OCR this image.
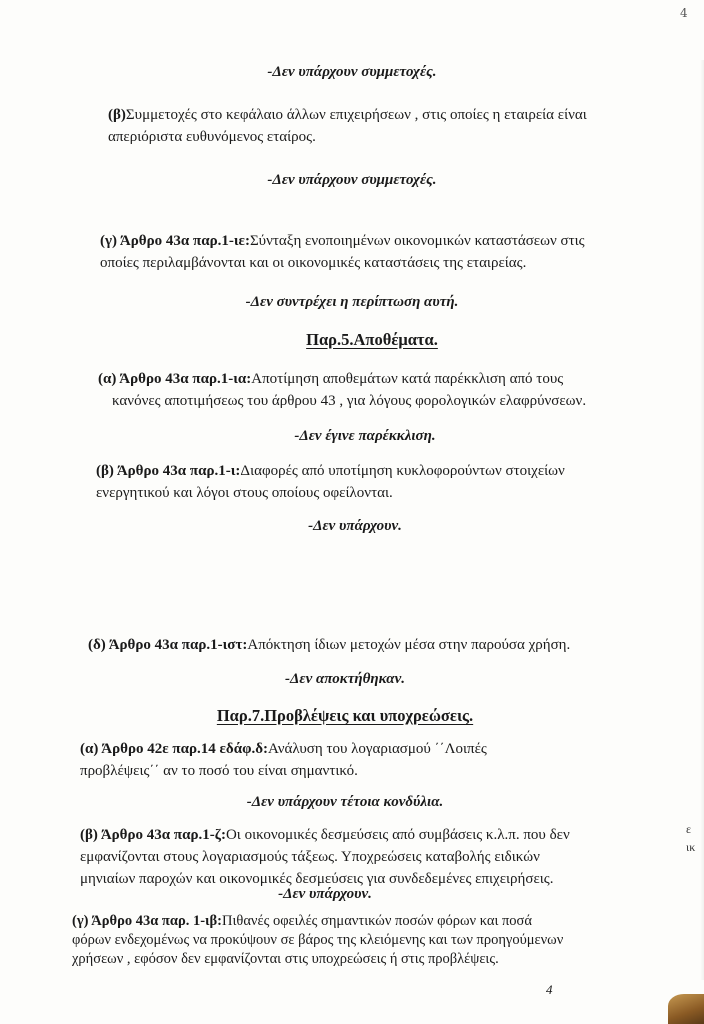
4
-Δεν υπάρχουν συμμετοχές.
(β)Συμμετοχές στο κεφάλαιο άλλων επιχειρήσεων , στις οποίες η εταιρεία είναι
απεριόριστα ευθυνόμενος εταίρος.
-Δεν υπάρχουν συμμετοχές.
(γ) Άρθρο 43α παρ.1-ιε:Σύνταξη ενοποιημένων οικονομικών καταστάσεων στις
οποίες περιλαμβάνονται και οι οικονομικές καταστάσεις της εταιρείας.
-Δεν συντρέχει η περίπτωση αυτή.
Παρ.5.Αποθέματα.
(α) Άρθρο 43α παρ.1-ια:Αποτίμηση αποθεμάτων κατά παρέκκλιση από τους
κανόνες αποτιμήσεως του άρθρου 43 , για λόγους φορολογικών ελαφρύνσεων.
-Δεν έγινε παρέκκλιση.
(β) Άρθρο 43α παρ.1-ι:Διαφορές από υποτίμηση κυκλοφορούντων στοιχείων
ενεργητικού και λόγοι στους οποίους οφείλονται.
-Δεν υπάρχουν.
(δ) Άρθρο 43α παρ.1-ιστ:Απόκτηση ίδιων μετοχών μέσα στην παρούσα χρήση.
-Δεν αποκτήθηκαν.
Παρ.7.Προβλέψεις και υποχρεώσεις.
(α) Άρθρο 42ε παρ.14 εδάφ.δ:Ανάλυση του λογαριασμού ΄΄Λοιπές
προβλέψεις΄΄ αν το ποσό του είναι σημαντικό.
-Δεν υπάρχουν τέτοια κονδύλια.
(β) Άρθρο 43α παρ.1-ζ:Οι οικονομικές δεσμεύσεις από συμβάσεις κ.λ.π. που δεν
εμφανίζονται στους λογαριασμούς τάξεως. Υποχρεώσεις καταβολής ειδικών
μηνιαίων παροχών και οικονομικές δεσμεύσεις για συνδεδεμένες επιχειρήσεις.
-Δεν υπάρχουν.
(γ) Άρθρο 43α παρ. 1-ιβ:Πιθανές οφειλές σημαντικών ποσών φόρων και ποσά
φόρων ενδεχομένως να προκύψουν σε βάρος της κλειόμενης και των προηγούμενων
χρήσεων , εφόσον δεν εμφανίζονται στις υποχρεώσεις ή στις προβλέψεις.
ε
ικ
4
